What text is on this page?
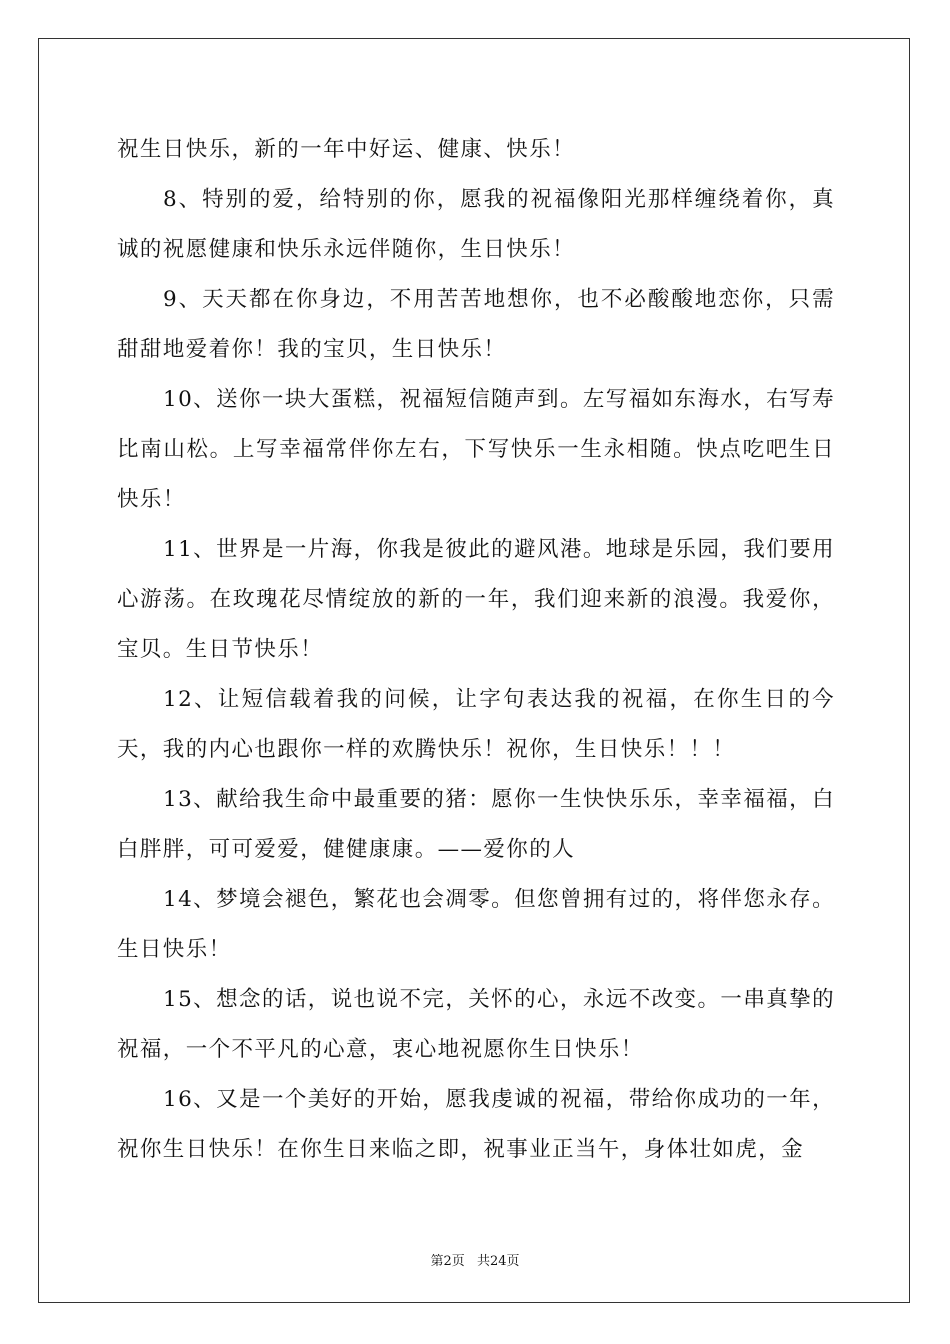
祝生日快乐，新的一年中好运、健康、快乐！

8、特别的爱，给特别的你，愿我的祝福像阳光那样缠绕着你，真诚的祝愿健康和快乐永远伴随你，生日快乐！

9、天天都在你身边，不用苦苦地想你，也不必酸酸地恋你，只需甜甜地爱着你！我的宝贝，生日快乐！

10、送你一块大蛋糕，祝福短信随声到。左写福如东海水，右写寿比南山松。上写幸福常伴你左右，下写快乐一生永相随。快点吃吧生日快乐！

11、世界是一片海，你我是彼此的避风港。地球是乐园，我们要用心游荡。在玫瑰花尽情绽放的新的一年，我们迎来新的浪漫。我爱你，宝贝。生日节快乐！

12、让短信载着我的问候，让字句表达我的祝福，在你生日的今天，我的内心也跟你一样的欢腾快乐！祝你，生日快乐！！！

13、献给我生命中最重要的猪：愿你一生快快乐乐，幸幸福福，白白胖胖，可可爱爱，健健康康。——爱你的人

14、梦境会褪色，繁花也会凋零。但您曾拥有过的，将伴您永存。生日快乐！

15、想念的话，说也说不完，关怀的心，永远不改变。一串真挚的祝福，一个不平凡的心意，衷心地祝愿你生日快乐！

16、又是一个美好的开始，愿我虔诚的祝福，带给你成功的一年，祝你生日快乐！在你生日来临之即，祝事业正当午，身体壮如虎，金

第2页 共24页
